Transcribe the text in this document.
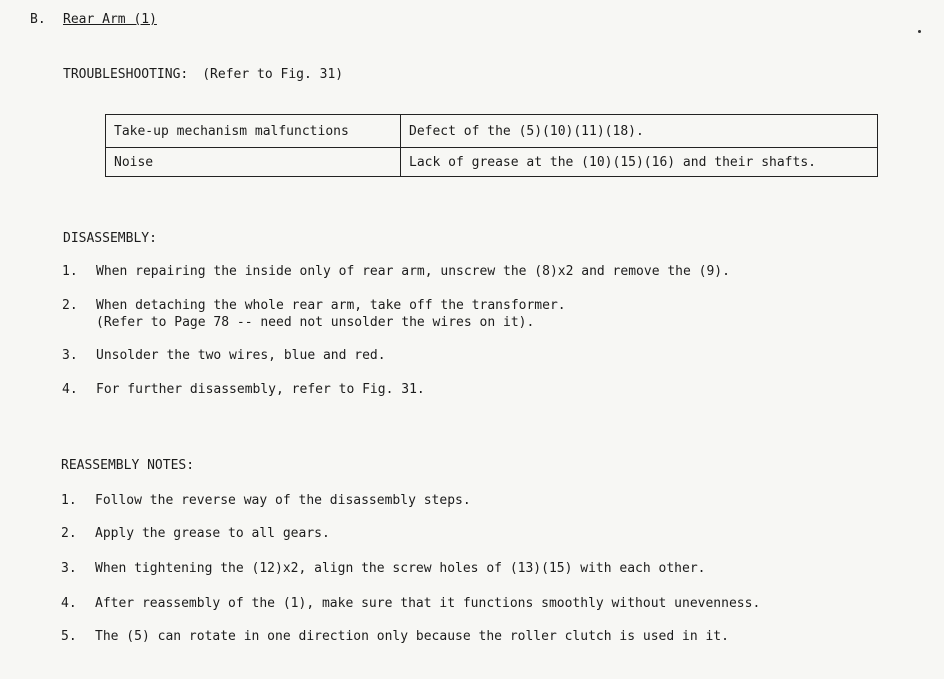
B. Rear Arm (1)
TROUBLESHOOTING: (Refer to Fig. 31)
Take-up mechanism malfunctions	Defect of the (5)(10)(11)(18).
Noise	Lack of grease at the (10)(15)(16) and their shafts.
DISASSEMBLY:
1. When repairing the inside only of rear arm, unscrew the (8)x2 and remove the (9).
2. When detaching the whole rear arm, take off the transformer.
(Refer to Page 78 -- need not unsolder the wires on it).
3. Unsolder the two wires, blue and red.
4. For further disassembly, refer to Fig. 31.
REASSEMBLY NOTES:
1. Follow the reverse way of the disassembly steps.
2. Apply the grease to all gears.
3. When tightening the (12)x2, align the screw holes of (13)(15) with each other.
4. After reassembly of the (1), make sure that it functions smoothly without unevenness.
5. The (5) can rotate in one direction only because the roller clutch is used in it.
